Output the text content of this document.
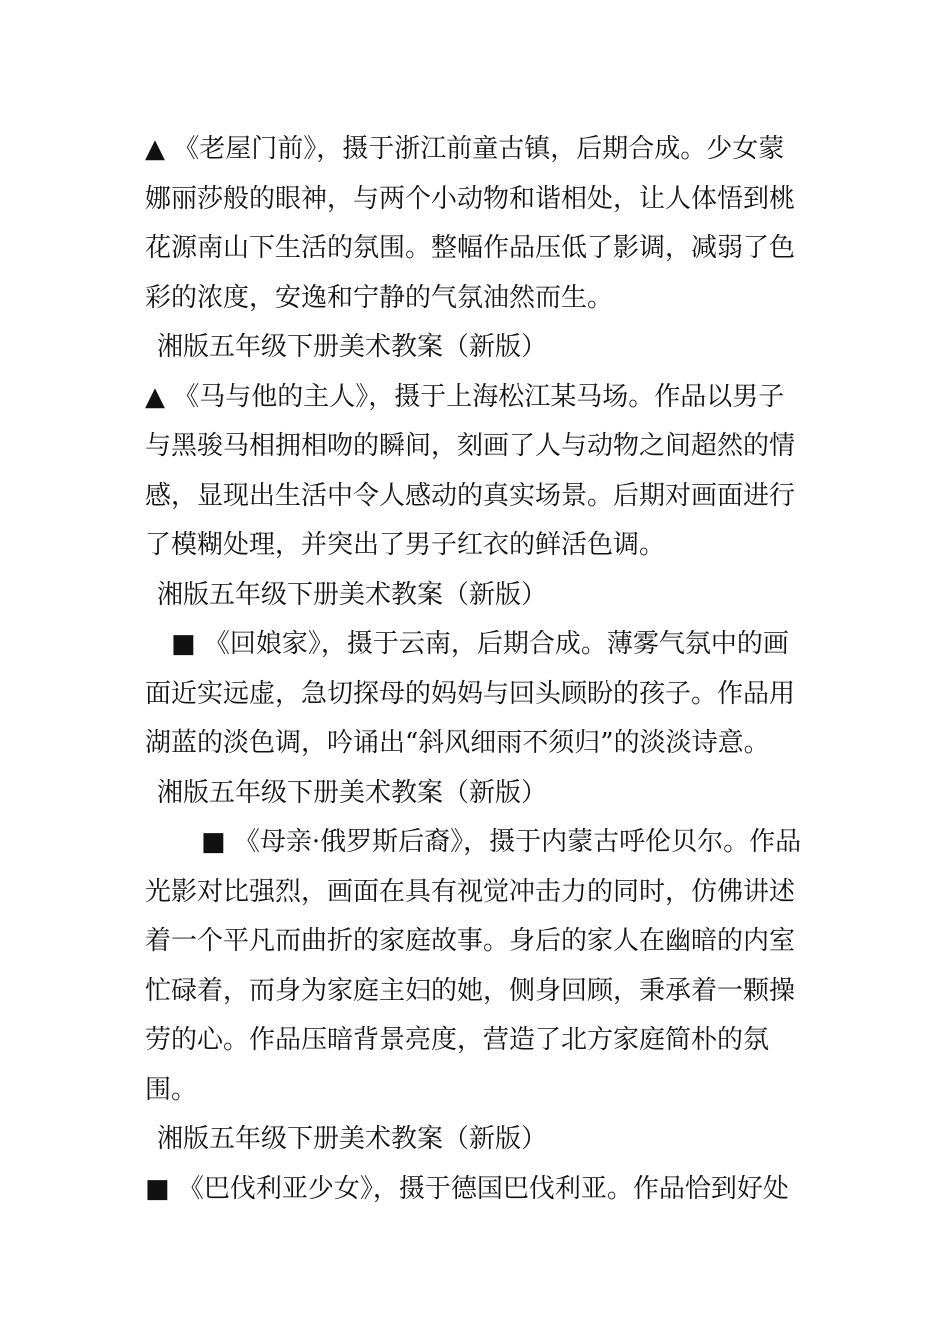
▲ 《老屋门前》，摄于浙江前童古镇，后期合成。少女蒙娜丽莎般的眼神，与两个小动物和谐相处，让人体悟到桃花源南山下生活的氛围。整幅作品压低了影调，减弱了色彩的浓度，安逸和宁静的气氛油然而生。

湘版五年级下册美术教案（新版）

▲ 《马与他的主人》，摄于上海松江某马场。作品以男子与黑骏马相拥相吻的瞬间，刻画了人与动物之间超然的情感，显现出生活中令人感动的真实场景。后期对画面进行了模糊处理，并突出了男子红衣的鲜活色调。

湘版五年级下册美术教案（新版）

■ 《回娘家》，摄于云南，后期合成。薄雾气氛中的画面近实远虚，急切探母的妈妈与回头顾盼的孩子。作品用湖蓝的淡色调，吟诵出“斜风细雨不须归”的淡淡诗意。

湘版五年级下册美术教案（新版）

■ 《母亲·俄罗斯后裔》，摄于内蒙古呼伦贝尔。作品光影对比强烈，画面在具有视觉冲击力的同时，仿佛讲述着一个平凡而曲折的家庭故事。身后的家人在幽暗的内室忙碌着，而身为家庭主妇的她，侧身回顾，秉承着一颗操劳的心。作品压暗背景亮度，营造了北方家庭简朴的氛围。

湘版五年级下册美术教案（新版）

■ 《巴伐利亚少女》，摄于德国巴伐利亚。作品恰到好处
